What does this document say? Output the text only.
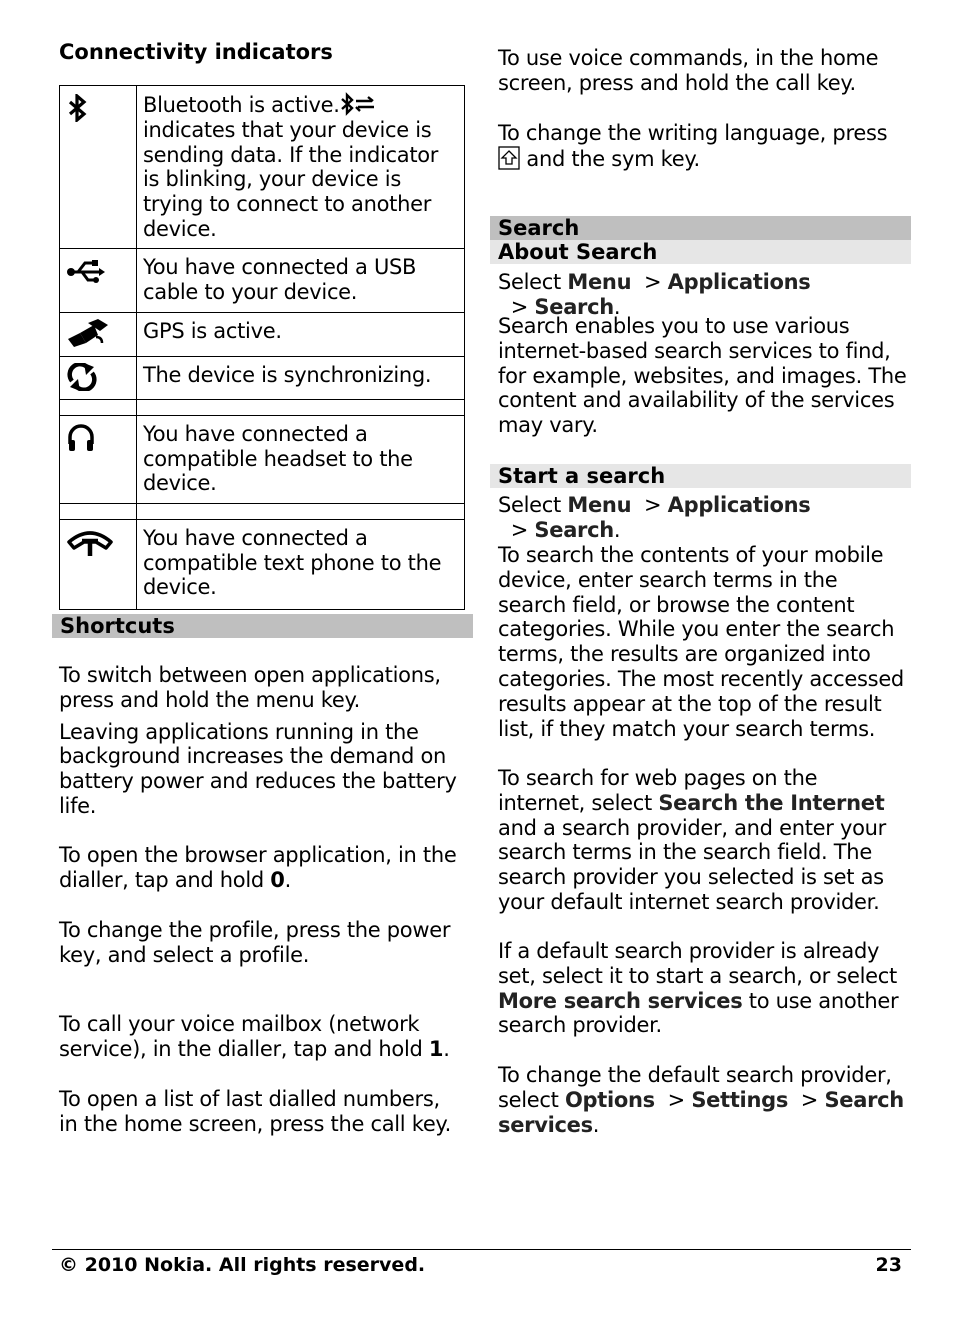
Connectivity indicators
	Bluetooth is active. indicates that your device is sending data. If the indicator is blinking, your device is trying to connect to another device.

	You have connected a USB cable to your device.

	GPS is active.

	The device is synchronizing.

	You have connected a compatible headset to the device.

	You have connected a compatible text phone to the device.
Shortcuts

To switch between open applications, press and hold the menu key.

Leaving applications running in the background increases the demand on battery power and reduces the battery life.

To open the browser application, in the dialler, tap and hold 0.

To change the profile, press the power key, and select a profile.

To call your voice mailbox (network service), in the dialler, tap and hold 1.

To open a list of last dialled numbers, in the home screen, press the call key.

To use voice commands, in the home screen, press and hold the call key.

To change the writing language, press  and the sym key.

Search
About Search

Select Menu  > Applications  > Search.

Search enables you to use various internet-based search services to find, for example, websites, and images. The content and availability of the services may vary.

Start a search

Select Menu  > Applications  > Search.

To search the contents of your mobile device, enter search terms in the search field, or browse the content categories. While you enter the search terms, the results are organized into categories. The most recently accessed results appear at the top of the result list, if they match your search terms.

To search for web pages on the internet, select Search the Internet and a search provider, and enter your search terms in the search field. The search provider you selected is set as your default internet search provider.

If a default search provider is already set, select it to start a search, or select More search services to use another search provider.

To change the default search provider, select Options  > Settings  > Search services.

© 2010 Nokia. All rights reserved.	23
